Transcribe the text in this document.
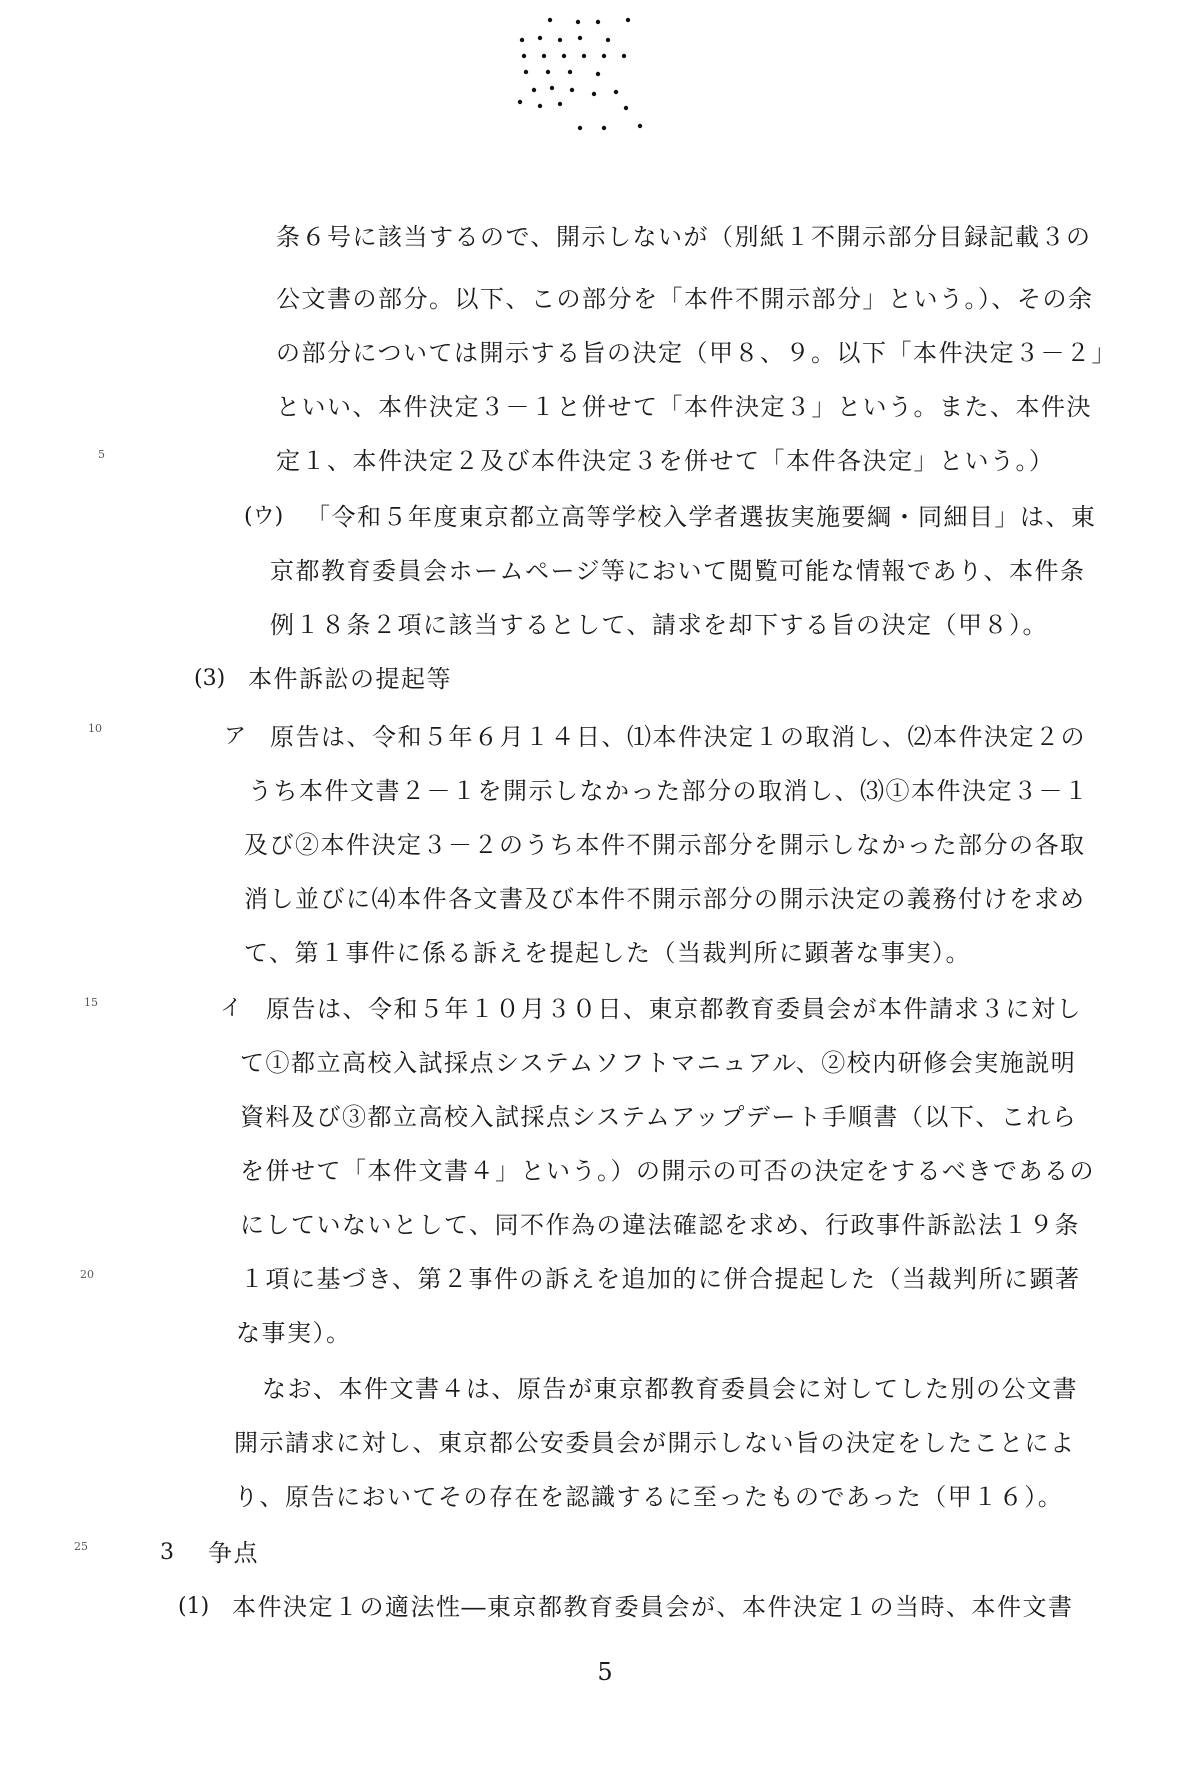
5
10
15
20
25
条６号に該当するので、開示しないが（別紙１不開示部分目録記載３の
公文書の部分。以下、この部分を「本件不開示部分」という。）、その余
の部分については開示する旨の決定（甲８、９。以下「本件決定３－２」
といい、本件決定３－１と併せて「本件決定３」という。また、本件決
定１、本件決定２及び本件決定３を併せて「本件各決定」という。）
(ウ) 「令和５年度東京都立高等学校入学者選抜実施要綱・同細目」は、東
京都教育委員会ホームページ等において閲覧可能な情報であり、本件条
例１８条２項に該当するとして、請求を却下する旨の決定（甲８）。
(3) 本件訴訟の提起等
ア 原告は、令和５年６月１４日、⑴本件決定１の取消し、⑵本件決定２の
うち本件文書２－１を開示しなかった部分の取消し、⑶①本件決定３－１
及び②本件決定３－２のうち本件不開示部分を開示しなかった部分の各取
消し並びに⑷本件各文書及び本件不開示部分の開示決定の義務付けを求め
て、第１事件に係る訴えを提起した（当裁判所に顕著な事実）。
イ 原告は、令和５年１０月３０日、東京都教育委員会が本件請求３に対し
て①都立高校入試採点システムソフトマニュアル、②校内研修会実施説明
資料及び③都立高校入試採点システムアップデート手順書（以下、これら
を併せて「本件文書４」という。）の開示の可否の決定をするべきであるの
にしていないとして、同不作為の違法確認を求め、行政事件訴訟法１９条
１項に基づき、第２事件の訴えを追加的に併合提起した（当裁判所に顕著
な事実）。
なお、本件文書４は、原告が東京都教育委員会に対してした別の公文書
開示請求に対し、東京都公安委員会が開示しない旨の決定をしたことによ
り、原告においてその存在を認識するに至ったものであった（甲１６）。
3 争点
(1) 本件決定１の適法性―東京都教育委員会が、本件決定１の当時、本件文書
5
